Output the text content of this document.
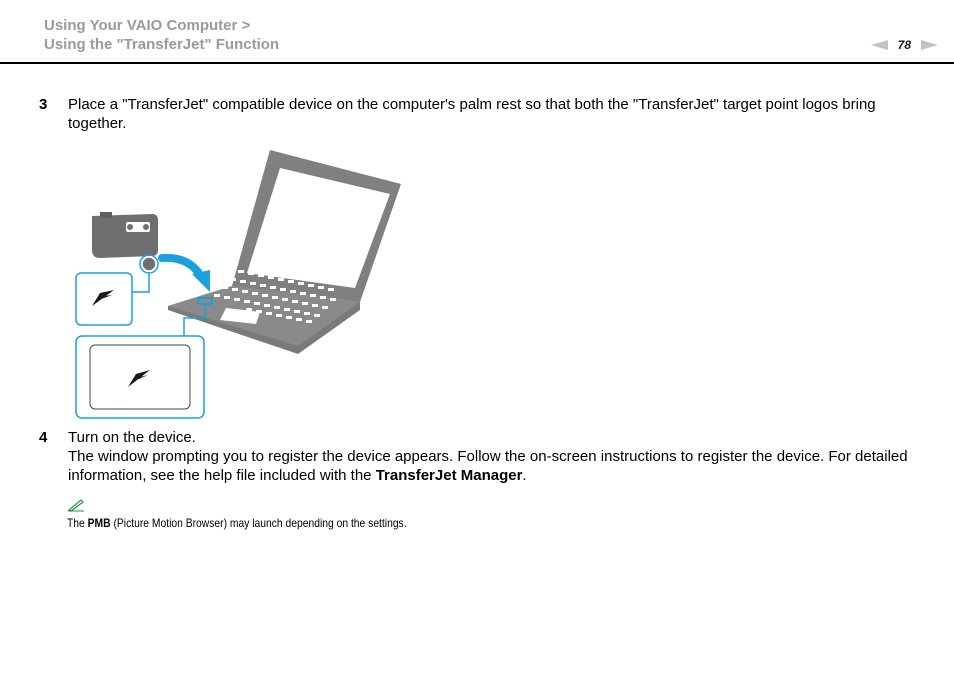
Using Your VAIO Computer >
Using the "TransferJet" Function	78
3 Place a "TransferJet" compatible device on the computer's palm rest so that both the "TransferJet" target point logos bring together.
4 Turn on the device.
The window prompting you to register the device appears. Follow the on-screen instructions to register the device. For detailed information, see the help file included with the TransferJet Manager.
The PMB (Picture Motion Browser) may launch depending on the settings.
